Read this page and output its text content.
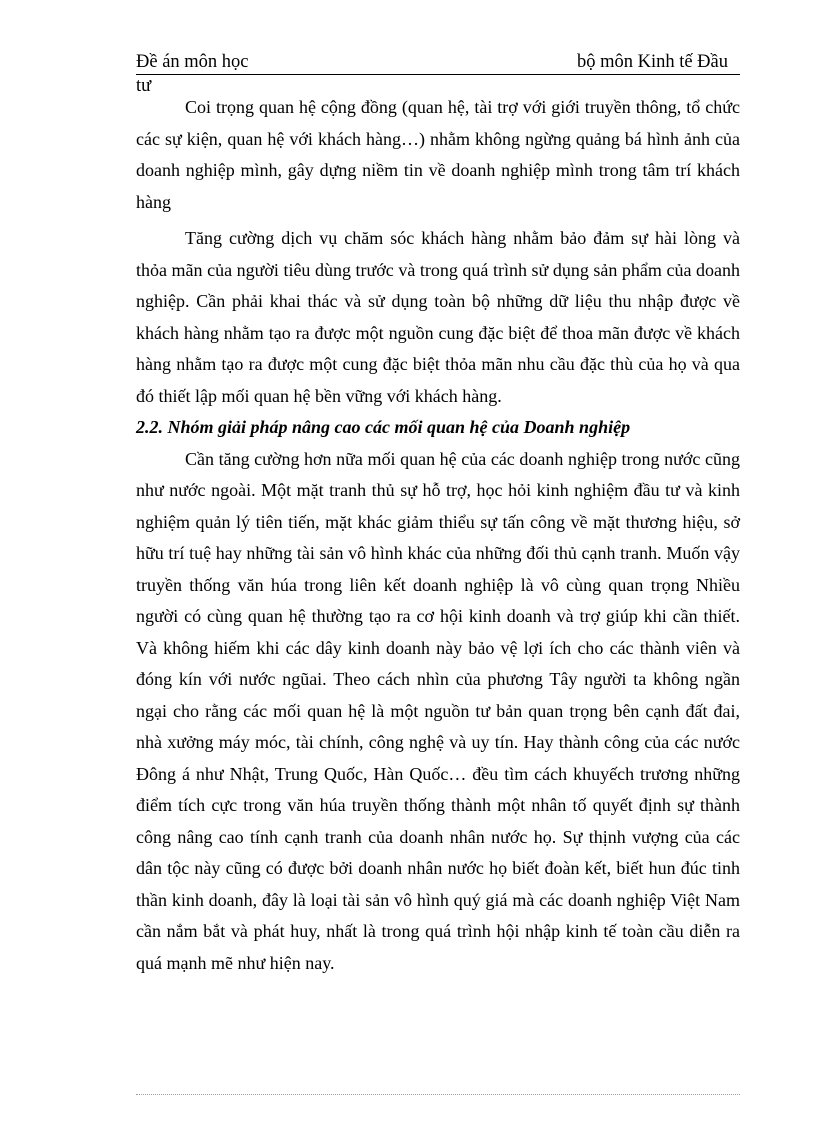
Đề án môn học	bộ môn Kinh tế Đầu
tư

Coi trọng quan hệ cộng đồng (quan hệ, tài trợ với giới truyền thông, tổ chức các sự kiện, quan hệ với khách hàng…) nhằm không ngừng quảng bá hình ảnh của doanh nghiệp mình, gây dựng niềm tin về doanh nghiệp mình trong tâm trí khách hàng

Tăng cường dịch vụ chăm sóc khách hàng nhằm bảo đảm sự hài lòng và thỏa mãn của người tiêu dùng trước và trong quá trình sử dụng sản phẩm của doanh nghiệp. Cần phải khai thác và sử dụng toàn bộ những dữ liệu thu nhập được về khách hàng nhằm tạo ra được một nguồn cung đặc biệt để thoa mãn được về khách hàng nhằm tạo ra được một cung đặc biệt thỏa mãn nhu cầu đặc thù của họ và qua đó thiết lập mối quan hệ bền vững với khách hàng.

2.2. Nhóm giải pháp nâng cao các mối quan hệ của Doanh nghiệp

Cần tăng cường hơn nữa mối quan hệ của các doanh nghiệp trong nước cũng như nước ngoài. Một mặt tranh thủ sự hỗ trợ, học hỏi kinh nghiệm đầu tư và kinh nghiệm quản lý tiên tiến, mặt khác giảm thiểu sự tấn công về mặt thương hiệu, sở hữu trí tuệ hay những tài sản vô hình khác của những đối thủ cạnh tranh. Muốn vậy truyền thống văn húa trong liên kết doanh nghiệp là vô cùng quan trọng Nhiều người có cùng quan hệ thường tạo ra cơ hội kinh doanh và trợ giúp khi cần thiết. Và không hiếm khi các dây kinh doanh này bảo vệ lợi ích cho các thành viên và đóng kín với nước ngũai. Theo cách nhìn của phương Tây người ta không ngần ngại cho rằng các mối quan hệ là một nguồn tư bản quan trọng bên cạnh đất đai, nhà xưởng máy móc, tài chính, công nghệ và uy tín. Hay thành công của các nước Đông á như Nhật, Trung Quốc, Hàn Quốc… đều tìm cách khuyếch trương những điểm tích cực trong văn húa truyền thống thành một nhân tố quyết định sự thành công nâng cao tính cạnh tranh của doanh nhân nước họ. Sự thịnh vượng của các dân tộc này cũng có được bởi doanh nhân nước họ biết đoàn kết, biết hun đúc tinh thần kinh doanh, đây là loại tài sản vô hình quý giá mà các doanh nghiệp Việt Nam cần nắm bắt và phát huy, nhất là trong quá trình hội nhập kinh tế toàn cầu diễn ra quá mạnh mẽ như hiện nay.
